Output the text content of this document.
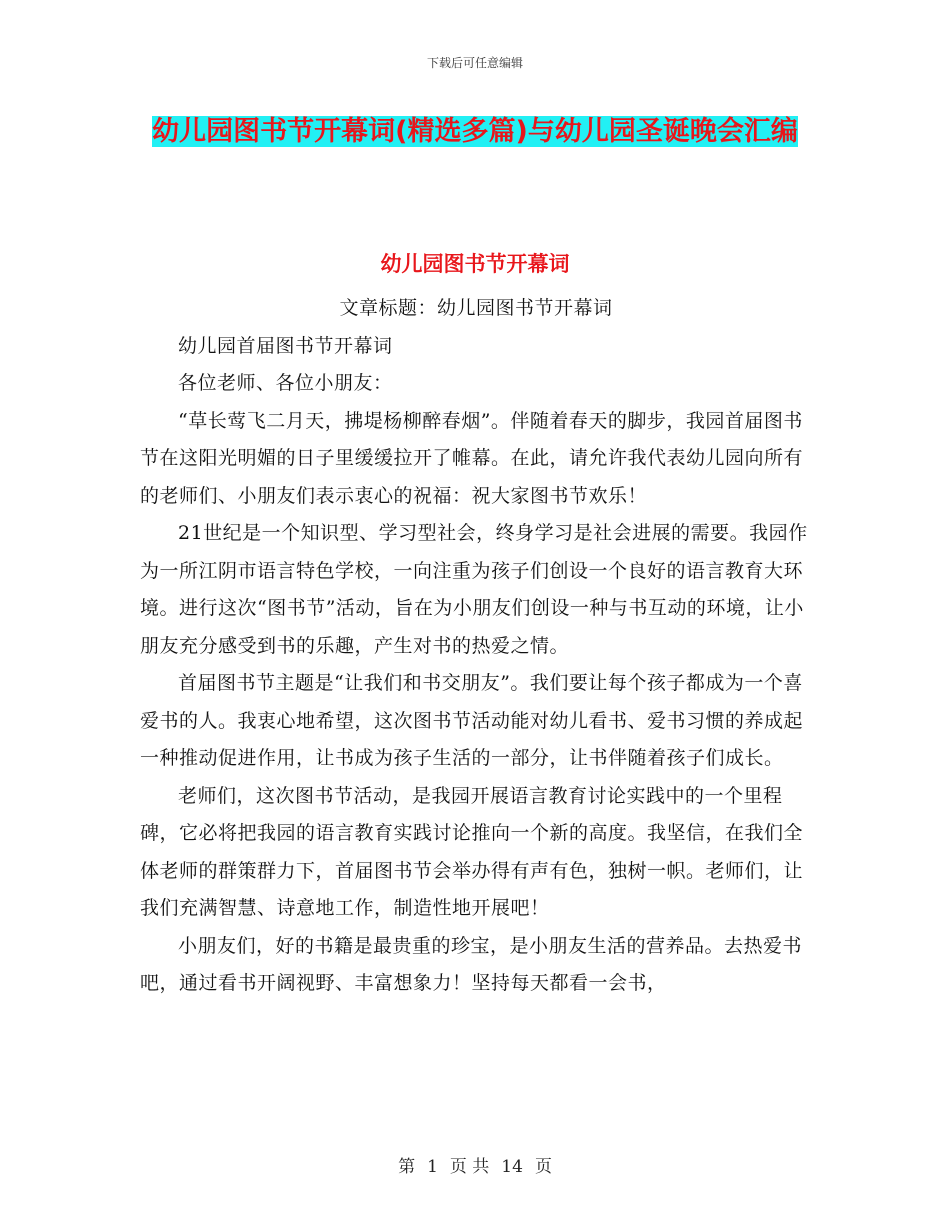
下载后可任意编辑
幼儿园图书节开幕词(精选多篇)与幼儿园圣诞晚会汇编
幼儿园图书节开幕词

文章标题：幼儿园图书节开幕词

幼儿园首届图书节开幕词

各位老师、各位小朋友：

“草长莺飞二月天，拂堤杨柳醉春烟”。伴随着春天的脚步，我园首届图书节在这阳光明媚的日子里缓缓拉开了帷幕。在此，请允许我代表幼儿园向所有的老师们、小朋友们表示衷心的祝福：祝大家图书节欢乐！

21世纪是一个知识型、学习型社会，终身学习是社会进展的需要。我园作为一所江阴市语言特色学校，一向注重为孩子们创设一个良好的语言教育大环境。进行这次“图书节”活动，旨在为小朋友们创设一种与书互动的环境，让小朋友充分感受到书的乐趣，产生对书的热爱之情。

首届图书节主题是“让我们和书交朋友”。我们要让每个孩子都成为一个喜爱书的人。我衷心地希望，这次图书节活动能对幼儿看书、爱书习惯的养成起一种推动促进作用，让书成为孩子生活的一部分，让书伴随着孩子们成长。

老师们，这次图书节活动，是我园开展语言教育讨论实践中的一个里程碑，它必将把我园的语言教育实践讨论推向一个新的高度。我坚信，在我们全体老师的群策群力下，首届图书节会举办得有声有色，独树一帜。老师们，让我们充满智慧、诗意地工作，制造性地开展吧！

小朋友们，好的书籍是最贵重的珍宝，是小朋友生活的营养品。去热爱书吧，通过看书开阔视野、丰富想象力！坚持每天都看一会书，

第 1 页 共 14 页
